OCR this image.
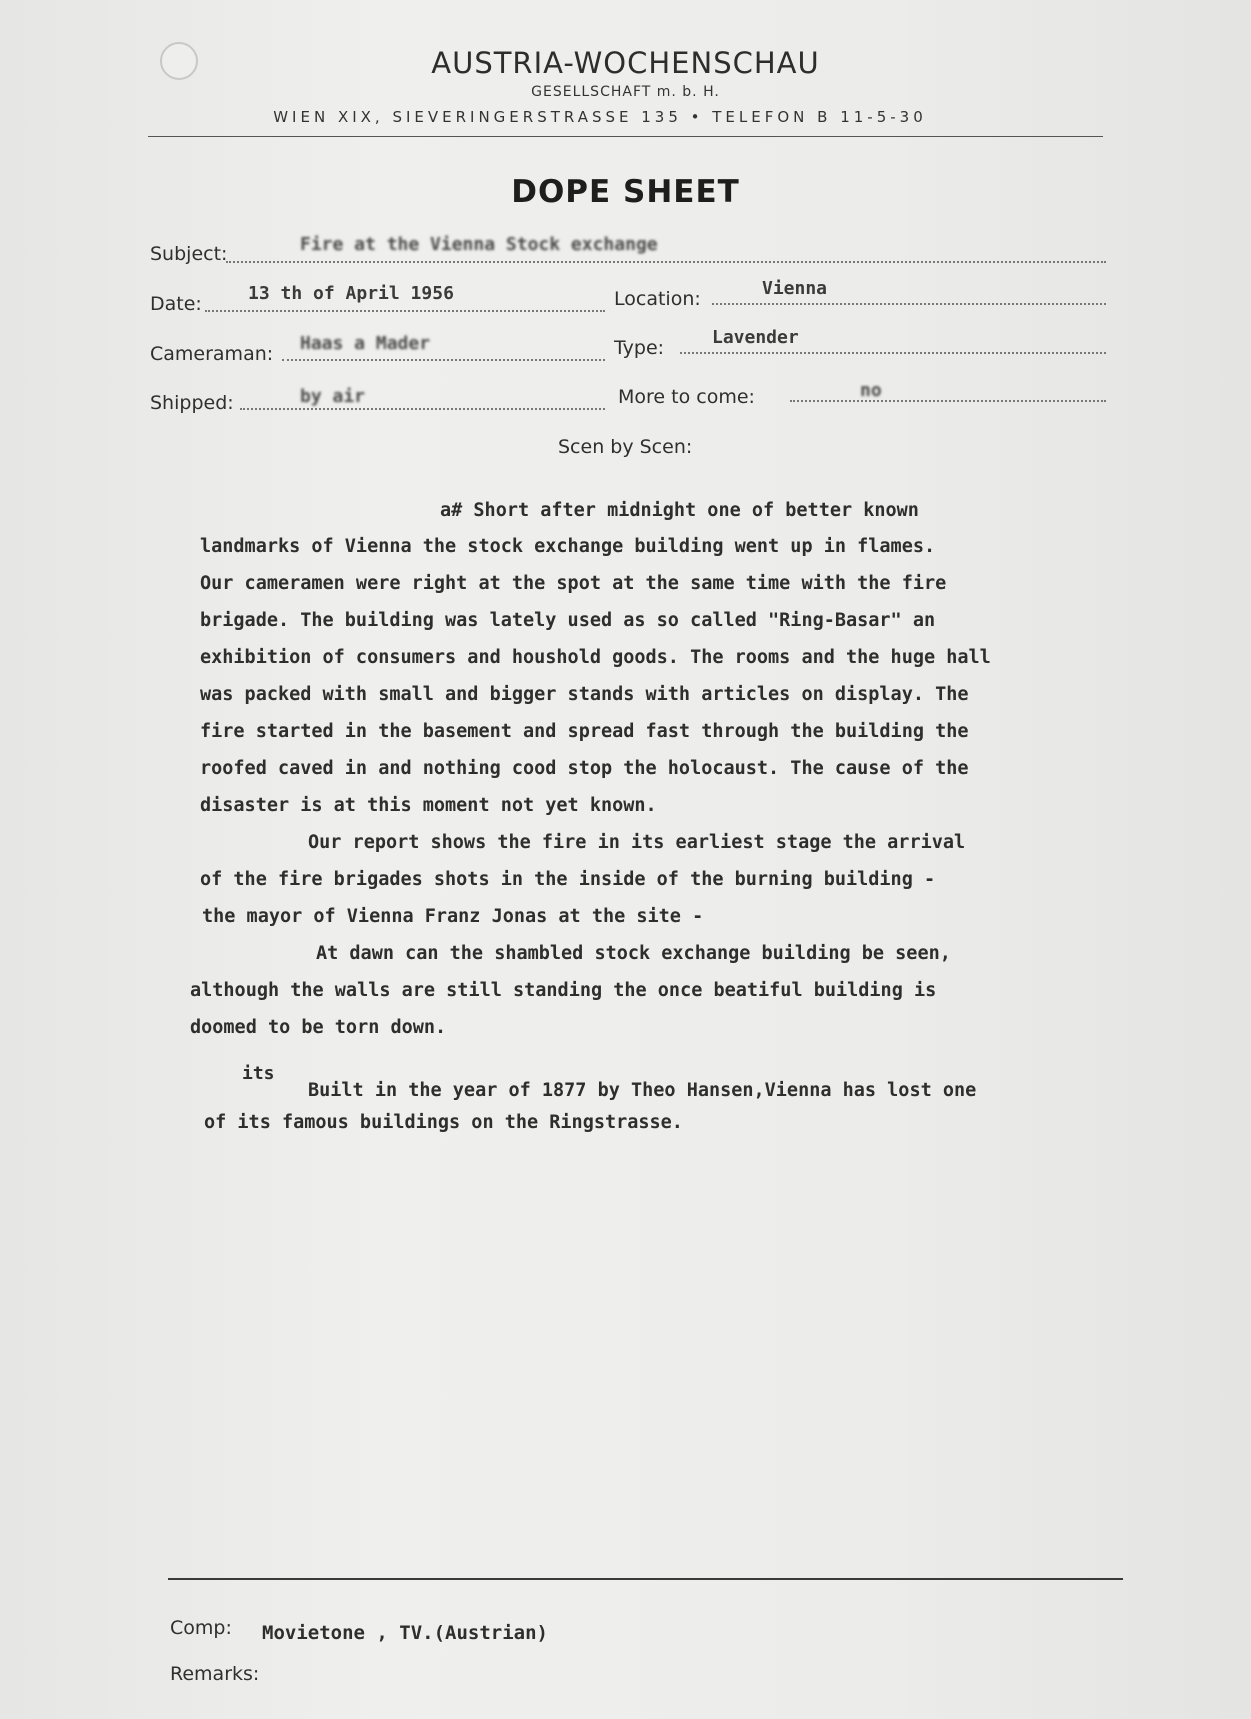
AUSTRIA-WOCHENSCHAU
GESELLSCHAFT m. b. H.
WIEN XIX, SIEVERINGERSTRASSE 135 • TELEFON B 11-5-30
DOPE SHEET
Subject:	Fire at the Vienna Stock exchange
Date:	13 th of April 1956	Location:	Vienna
Cameraman: Haas a Mader	Type:	Lavender
Shipped:	by air	More to come:	no
Scen by Scen:
a# Short after midnight one of better known
landmarks of Vienna the stock exchange building went up in flames.
Our cameramen were right at the spot at the same time with the fire
brigade. The building was lately used as so called "Ring-Basar" an
exhibition of consumers and houshold goods. The rooms and the huge hall
was packed with small and bigger stands with articles on display. The
fire started in the basement and spread fast through the building the
roofed caved in and nothing cood stop the holocaust. The cause of the
disaster is at this moment not yet known.
Our report shows the fire in its earliest stage the arrival
of the fire brigades shots in the inside of the burning building -
the mayor of Vienna Franz Jonas at the site -
At dawn can the shambled stock exchange building be seen,
although the walls are still standing the once beatiful building is
doomed to be torn down.
Built in the year of 1877 by Theo Hansen,Vienna has lost one
of its famous buildings on the Ringstrasse.
its
Comp: Movietone , TV.(Austrian)
Remarks:
